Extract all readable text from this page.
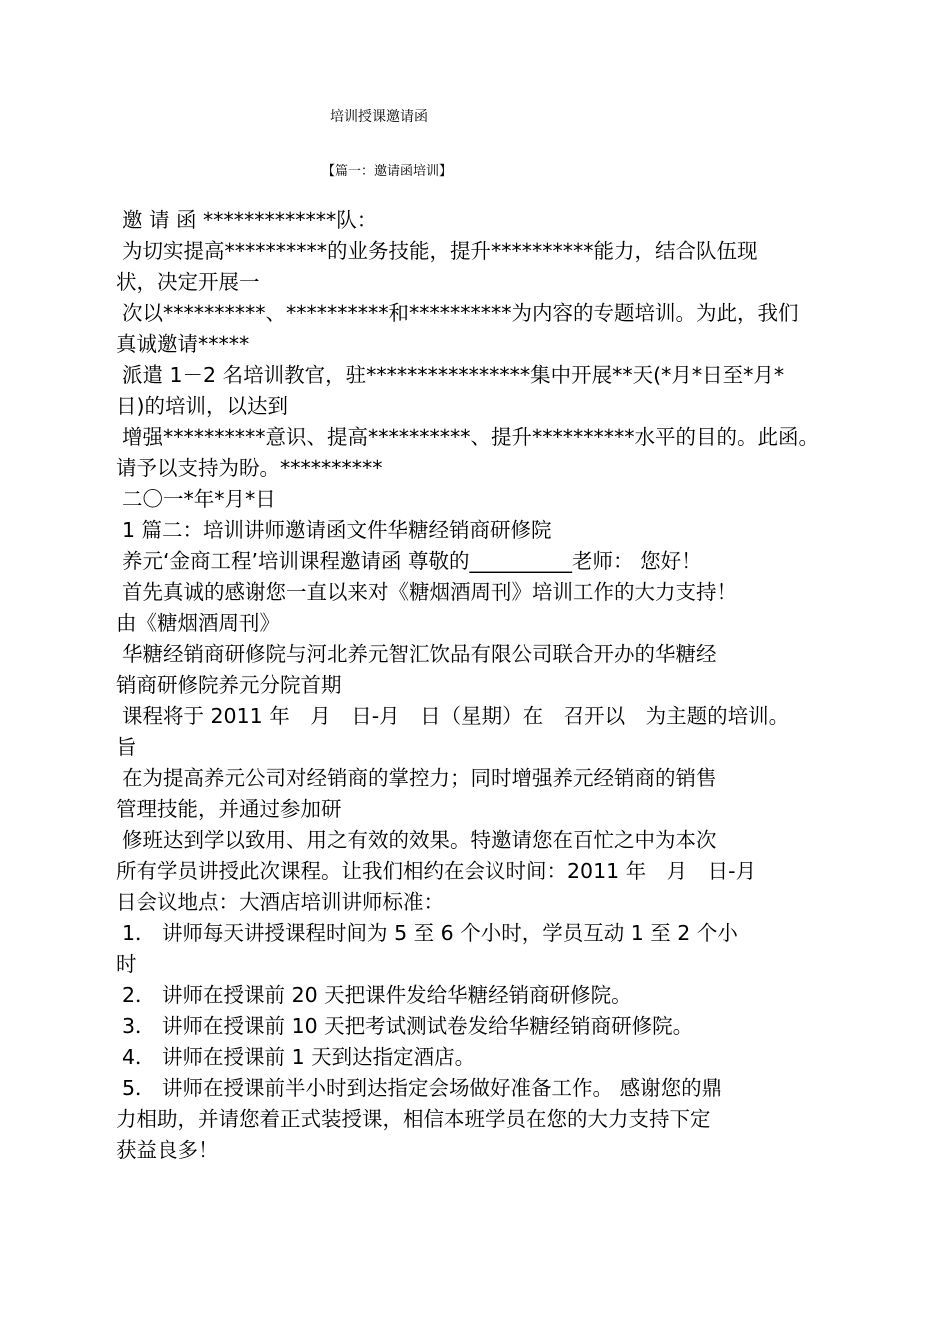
培训授课邀请函
【篇一：邀请函培训】
邀 请 函 *************队：
为切实提高**********的业务技能，提升**********能力，结合队伍现
状，决定开展一
次以**********、**********和**********为内容的专题培训。为此，我们
真诚邀请*****
派遣 1－2 名培训教官，驻****************集中开展**天(*月*日至*月*
日)的培训，以达到
增强**********意识、提高**********、提升**********水平的目的。此函。
请予以支持为盼。**********
二〇一*年*月*日
1 篇二：培训讲师邀请函文件华糖经销商研修院
养元‘金商工程’培训课程邀请函 尊敬的__________老师： 您好！
首先真诚的感谢您一直以来对《糖烟酒周刊》培训工作的大力支持！
由《糖烟酒周刊》
华糖经销商研修院与河北养元智汇饮品有限公司联合开办的华糖经
销商研修院养元分院首期
课程将于 2011 年　月　日-月　日（星期）在　召开以　为主题的培训。
旨
在为提高养元公司对经销商的掌控力；同时增强养元经销商的销售
管理技能，并通过参加研
修班达到学以致用、用之有效的效果。特邀请您在百忙之中为本次
所有学员讲授此次课程。让我们相约在会议时间：2011 年　月　日-月
日会议地点：大酒店培训讲师标准：
1． 讲师每天讲授课程时间为 5 至 6 个小时，学员互动 1 至 2 个小
时
2． 讲师在授课前 20 天把课件发给华糖经销商研修院。
3． 讲师在授课前 10 天把考试测试卷发给华糖经销商研修院。
4． 讲师在授课前 1 天到达指定酒店。
5． 讲师在授课前半小时到达指定会场做好准备工作。 感谢您的鼎
力相助，并请您着正式装授课，相信本班学员在您的大力支持下定
获益良多！
